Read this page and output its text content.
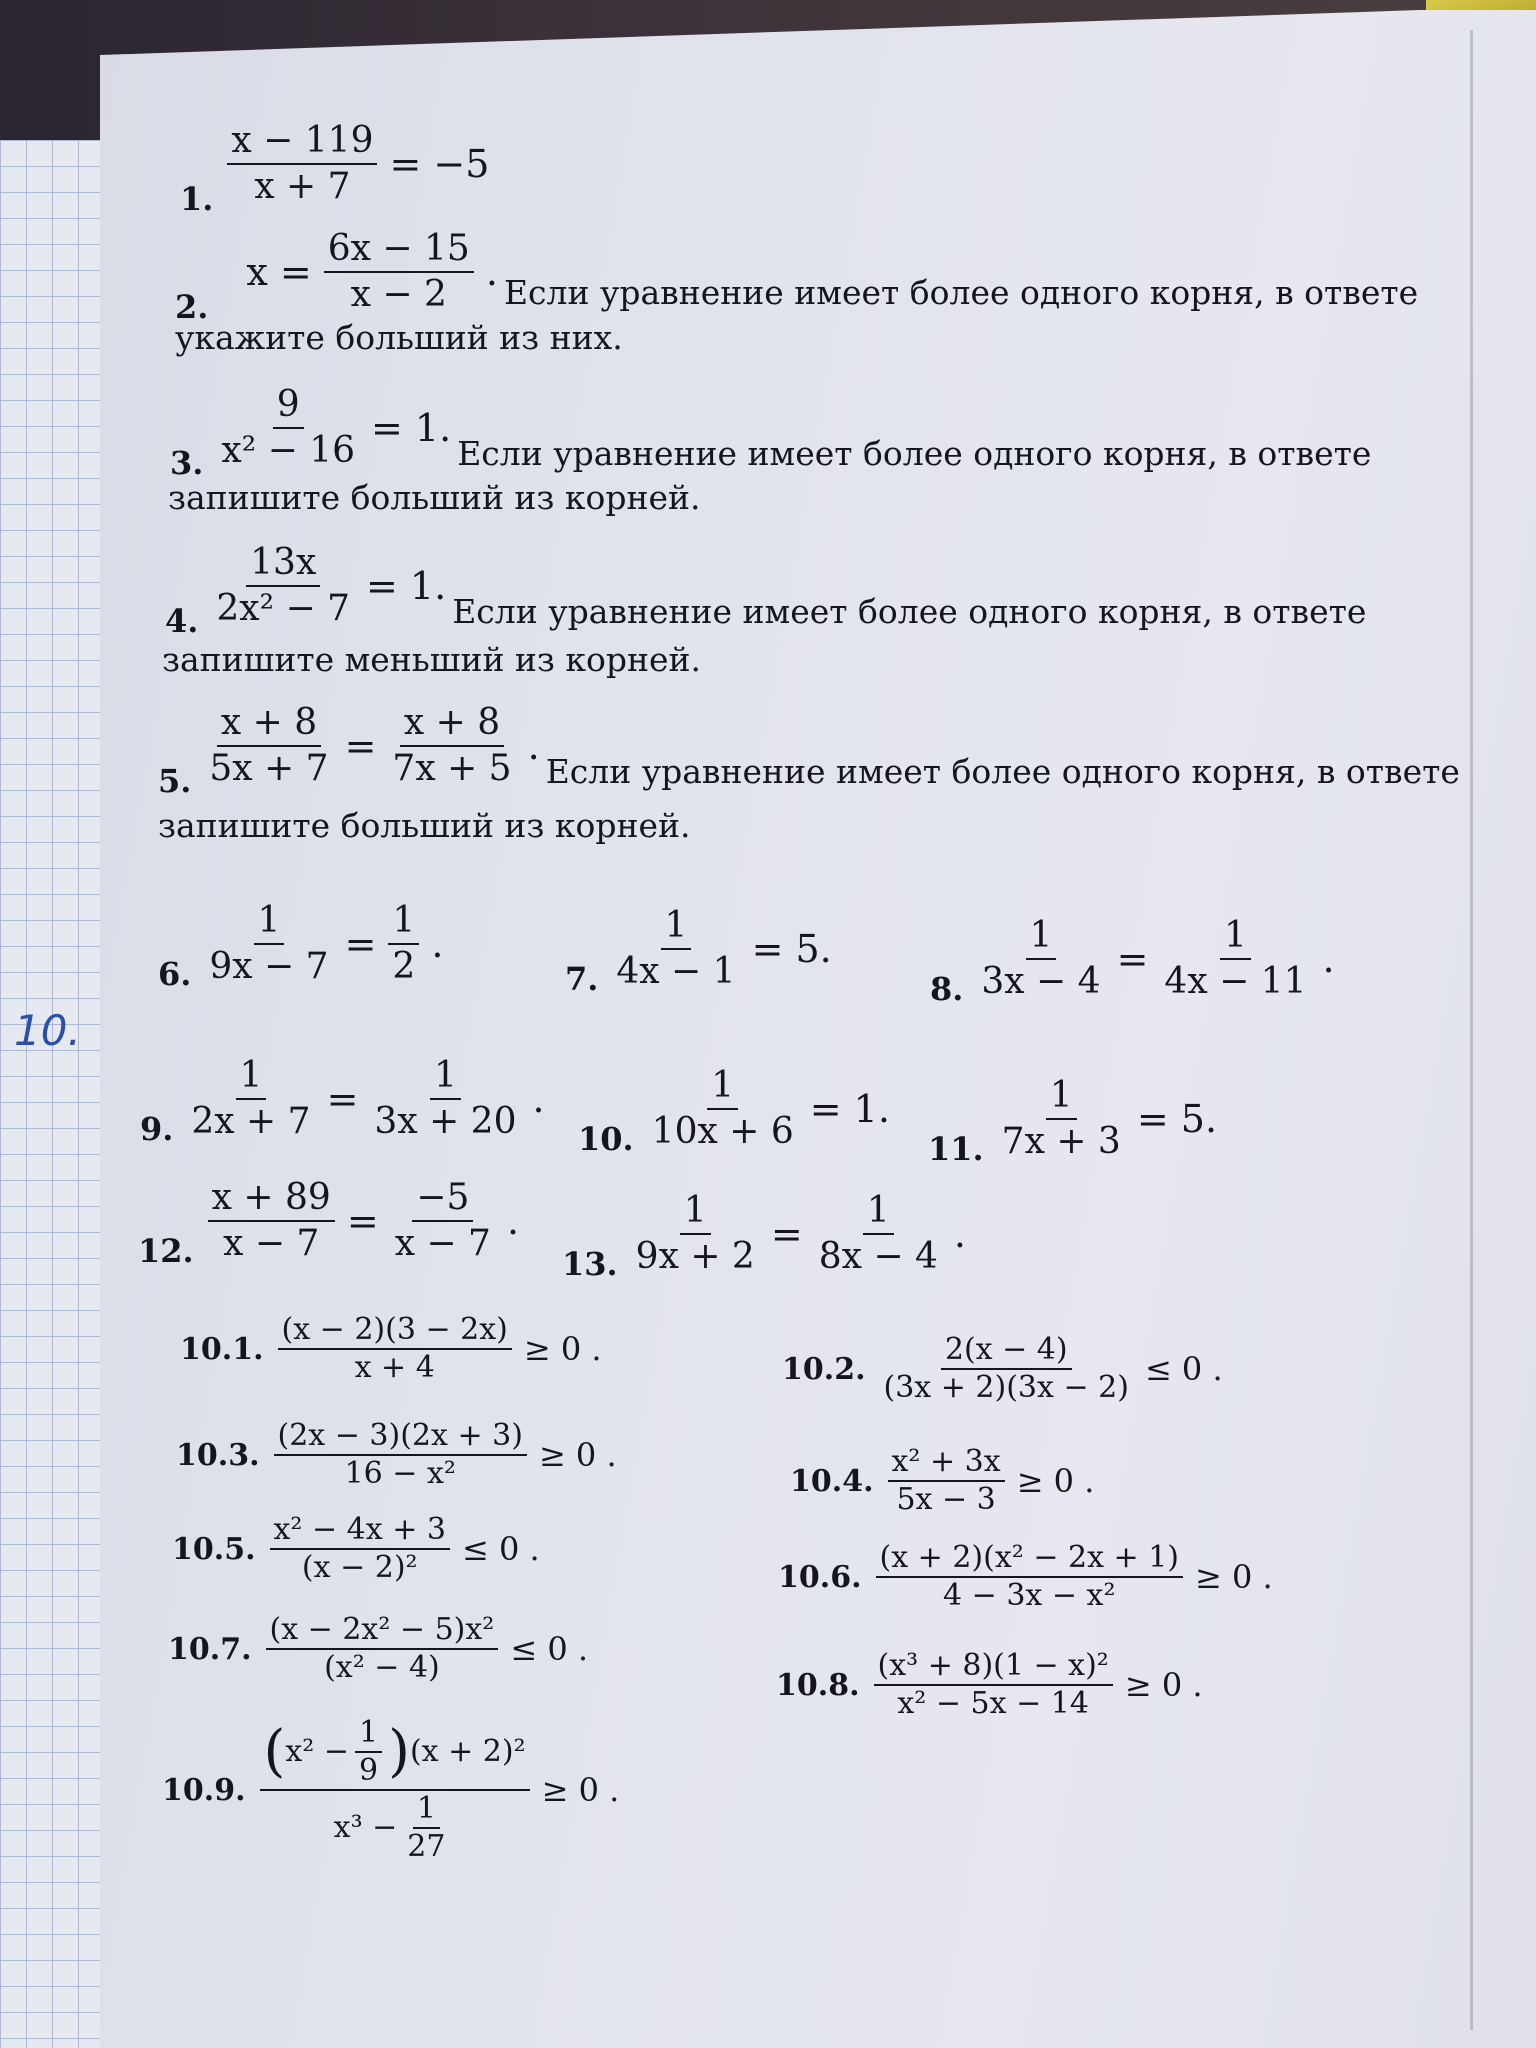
10.
1. $\frac{x - 119}{x + 7} = -5$
2.
$x = \frac{6x - 15}{x - 2}$ . Если уравнение имеет более одного корня, в ответе
укажите больший из них.
3. $\frac{9}{\text{x² − 16}} = 1$.
Если уравнение имеет более одного корня, в ответе
запишите больший из корней.
4. $\frac{13x}{\text{2x² − 7}} = 1$.
Если уравнение имеет более одного корня, в ответе
запишите меньший из корней.
5. $\frac{x + 8}{5x + 7} = \frac{x + 8}{7x + 5}$ .
Если уравнение имеет более одного корня, в ответе
запишите больший из корней.
6. $\frac{1}{9x - 7} = \frac{1}{2}$ .
7. $\frac{1}{4x - 1} = 5$.
8. $\frac{1}{3x - 4} = \frac{1}{4x - 11}$ .
9. $\frac{1}{2x + 7} = \frac{1}{3x + 20}$ .
10. $\frac{1}{10x + 6} = 1$.
11. $\frac{1}{7x + 3} = 5$.
12. $\frac{x + 89}{x - 7} = \frac{-5}{x - 7}$ .
13. $\frac{1}{9x + 2} = \frac{1}{8x - 4}$ .
10.1. $\frac{(x - 2)(3 - 2x)}{x + 4} \ge 0$ .
10.2. $\frac{2(x - 4)}{(3x + 2)(3x - 2)} \le 0$ .
10.3. $\frac{(2x - 3)(2x + 3)}{\text{16 − x²}} \ge 0$ .
10.4. $\frac{\text{x² + 3x}}{5x - 3} \ge 0$ .
10.5. $\frac{\text{x² − 4x + 3}}{\text{(x − 2)²}} \le 0$ .
10.6. $\frac{\text{(x + 2)(x² − 2x + 1)}}{\text{4 − 3x − x²}} \ge 0$ .
10.7. $\frac{\text{(x − 2x² − 5)x²}}{\text{(x² − 4)}} \le 0$ .
10.8. $\frac{\text{(x³ + 8)(1 − x)²}}{\text{x² − 5x − 14}} \ge 0$ .
10.9. $\frac{( x^2 - \frac{1}{9} ) (x + 2)^2}{x^3 - \frac{1}{27}} \ge 0$ .
